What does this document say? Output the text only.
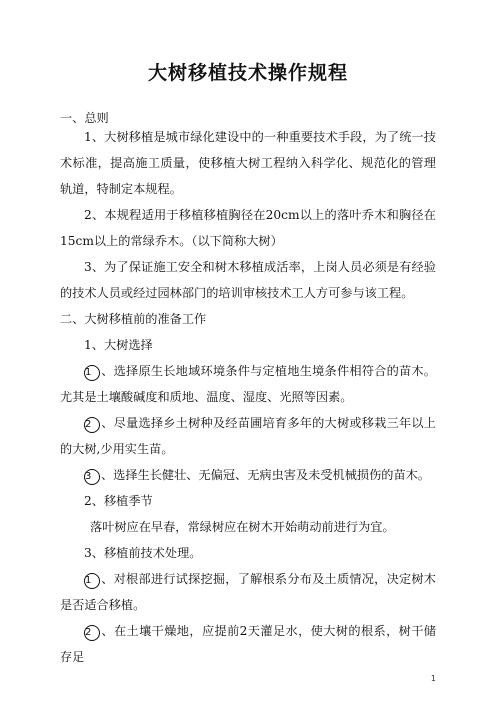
大树移植技术操作规程
一、总则
1、大树移植是城市绿化建设中的一种重要技术手段，为了统一技术标准，提高施工质量，使移植大树工程纳入科学化、规范化的管理轨道，特制定本规程。
2、本规程适用于移植移植胸径在20cm以上的落叶乔木和胸径在15cm以上的常绿乔木。（以下简称大树）
3、为了保证施工安全和树木移植成活率，上岗人员必须是有经验的技术人员或经过园林部门的培训审核技术工人方可参与该工程。
二、大树移植前的准备工作
1、大树选择
1 、选择原生长地域环境条件与定植地生境条件相符合的苗木。尤其是土壤酸碱度和质地、温度、湿度、光照等因素。
2 、尽量选择乡土树种及经苗圃培育多年的大树或移栽三年以上的大树,少用实生苗。
3 、选择生长健壮、无偏冠、无病虫害及未受机械损伤的苗木。
2、移植季节
落叶树应在早春，常绿树应在树木开始萌动前进行为宜。
3、移植前技术处理。
1 、对根部进行试探挖掘，了解根系分布及土质情况，决定树木是否适合移植。
2 、在土壤干燥地，应提前2天灌足水，使大树的根系，树干储存足
1
